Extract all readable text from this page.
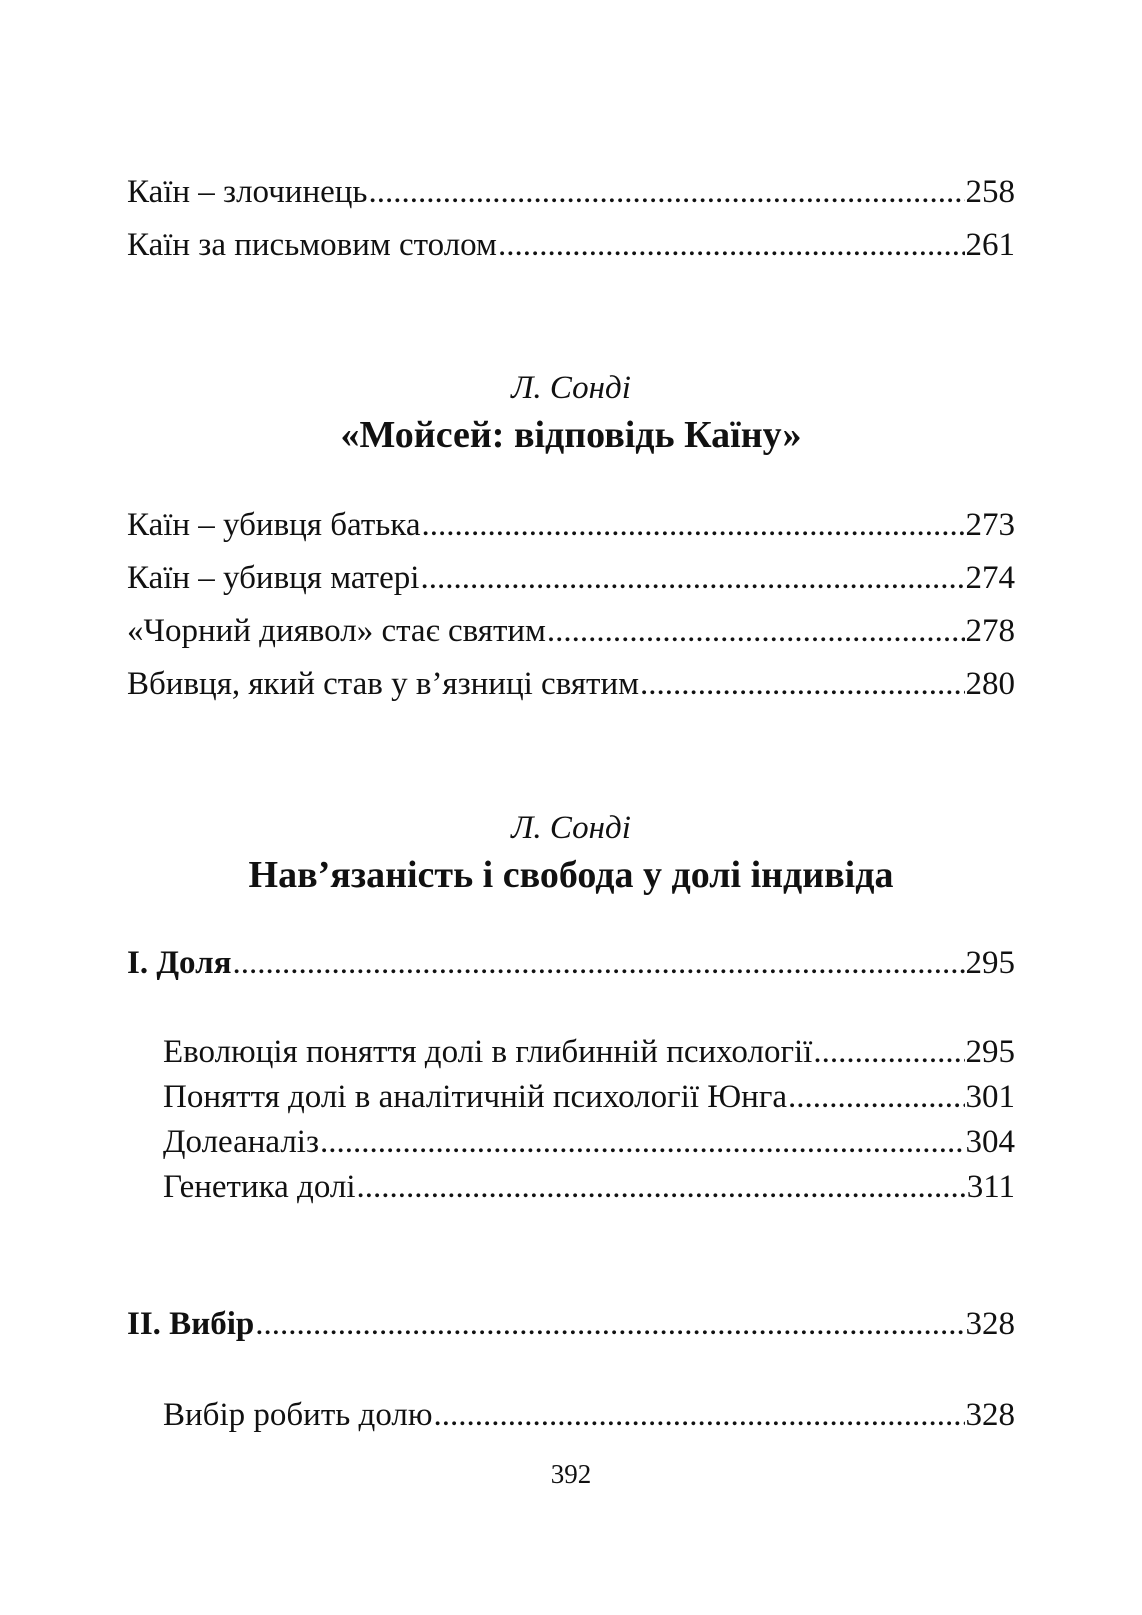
Каїн – злочинець .....	258
Каїн за письмовим столом .....	261
Л. Сонді
«Мойсей: відповідь Каїну»
Каїн – убивця батька .....	273
Каїн – убивця матері .....	274
«Чорний диявол» стає святим .....	278
Вбивця, який став у в’язниці святим .....	280
Л. Сонді
Нав’язаність і свобода у долі індивіда
І. Доля .....	295
Еволюція поняття долі в глибинній психології .....	295
Поняття долі в аналітичній психології Юнга .....	301
Долеаналіз .....	304
Генетика долі .....	311
ІІ. Вибір .....	328
Вибір робить долю .....	328
392
